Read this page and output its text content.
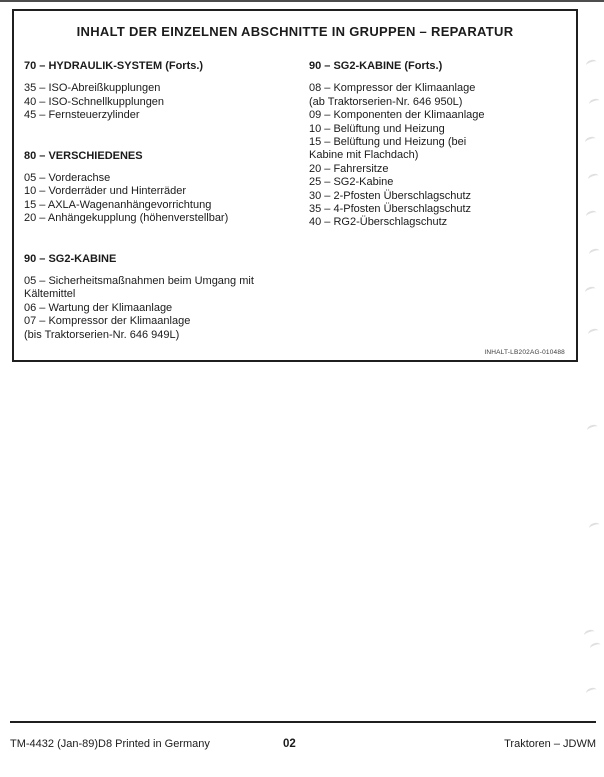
INHALT DER EINZELNEN ABSCHNITTE IN GRUPPEN – REPARATUR
70 – HYDRAULIK-SYSTEM (Forts.)
35 – ISO-Abreißkupplungen
40 – ISO-Schnellkupplungen
45 – Fernsteuerzylinder
80 – VERSCHIEDENES
05 – Vorderachse
10 – Vorderräder und Hinterräder
15 – AXLA-Wagenanhängevorrichtung
20 – Anhängekupplung (höhenverstellbar)
90 – SG2-KABINE
05 – Sicherheitsmaßnahmen beim Umgang mit
Kältemittel
06 – Wartung der Klimaanlage
07 – Kompressor der Klimaanlage
(bis Traktorserien-Nr. 646 949L)
90 – SG2-KABINE (Forts.)
08 – Kompressor der Klimaanlage
(ab Traktorserien-Nr. 646 950L)
09 – Komponenten der Klimaanlage
10 – Belüftung und Heizung
15 – Belüftung und Heizung (bei
Kabine mit Flachdach)
20 – Fahrersitze
25 – SG2-Kabine
30 – 2-Pfosten Überschlagschutz
35 – 4-Pfosten Überschlagschutz
40 – RG2-Überschlagschutz
INHALT-LB202AG-010488
TM-4432 (Jan-89)D8 Printed in Germany	02	Traktoren – JDWM
